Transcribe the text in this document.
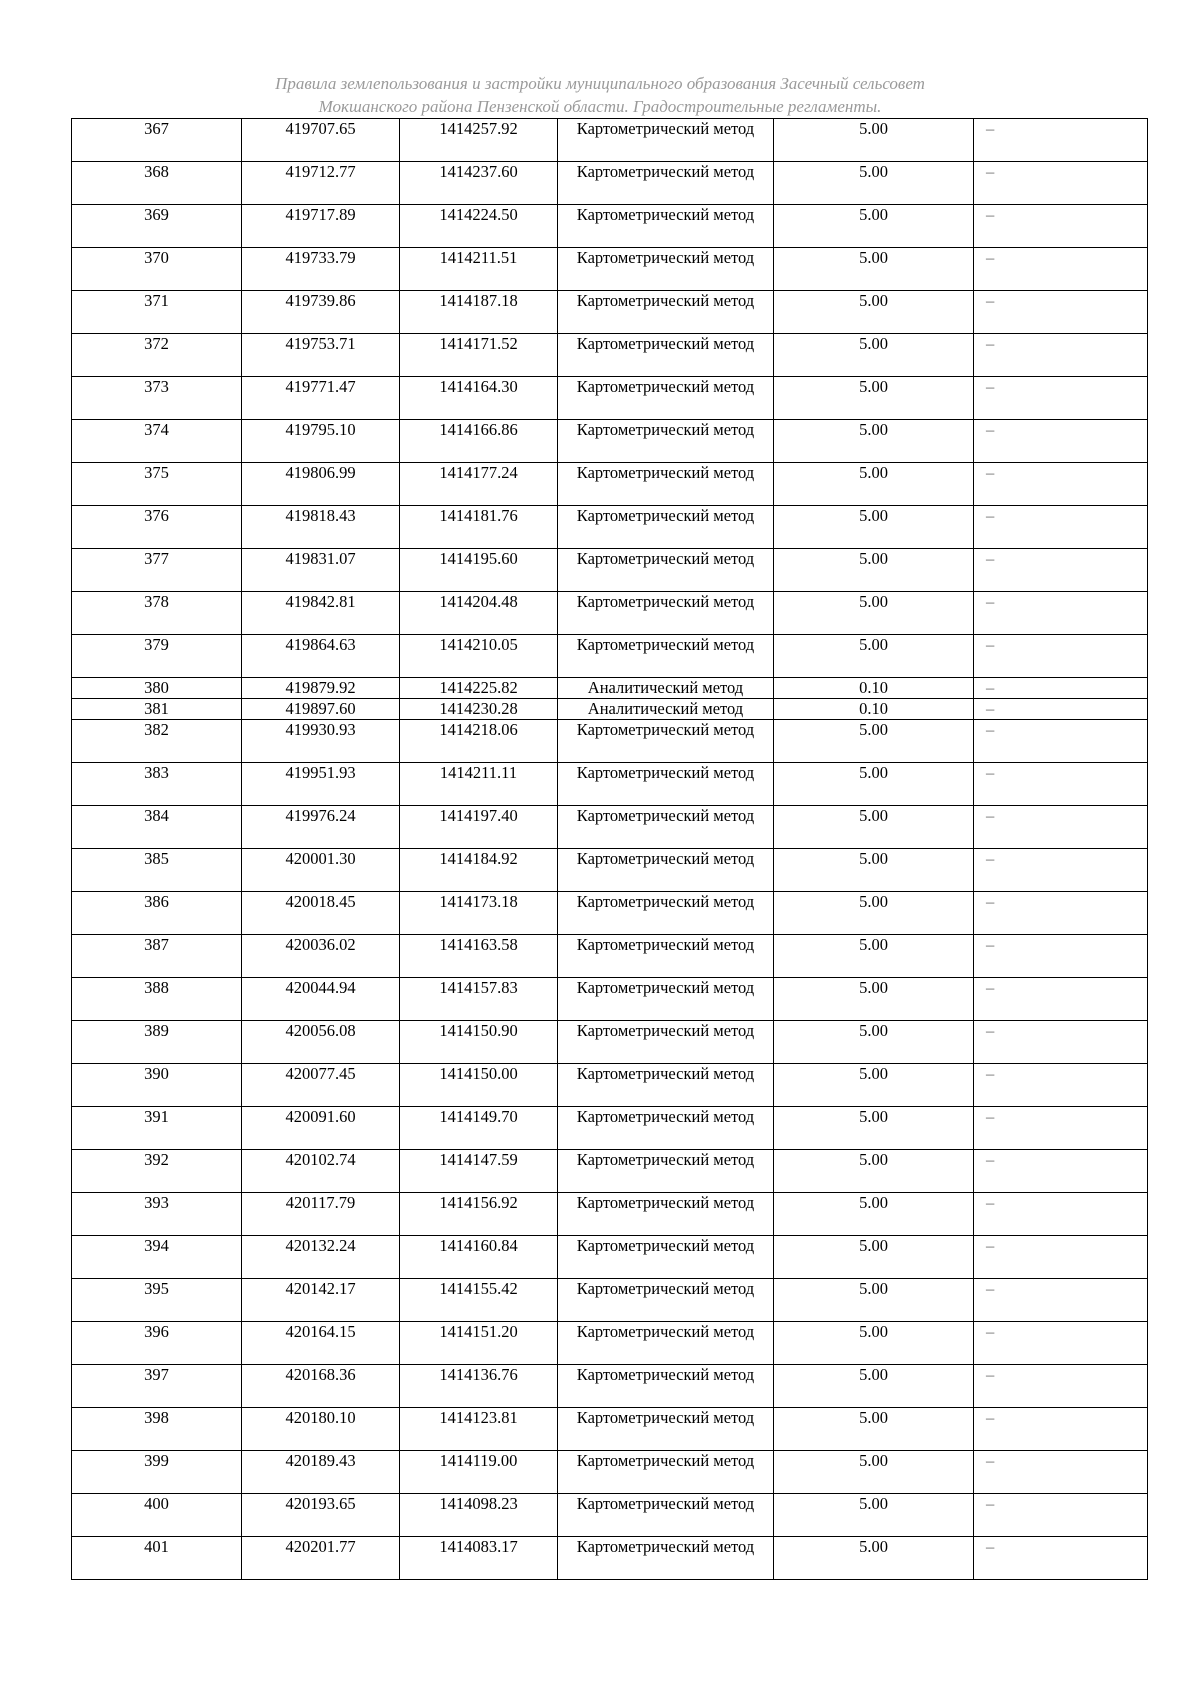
Правила землепользования и застройки муниципального образования Засечный сельсовет
Мокшанского района Пензенской области. Градостроительные регламенты.
367	419707.65	1414257.92	Картометрический метод	5.00	–
368	419712.77	1414237.60	Картометрический метод	5.00	–
369	419717.89	1414224.50	Картометрический метод	5.00	–
370	419733.79	1414211.51	Картометрический метод	5.00	–
371	419739.86	1414187.18	Картометрический метод	5.00	–
372	419753.71	1414171.52	Картометрический метод	5.00	–
373	419771.47	1414164.30	Картометрический метод	5.00	–
374	419795.10	1414166.86	Картометрический метод	5.00	–
375	419806.99	1414177.24	Картометрический метод	5.00	–
376	419818.43	1414181.76	Картометрический метод	5.00	–
377	419831.07	1414195.60	Картометрический метод	5.00	–
378	419842.81	1414204.48	Картометрический метод	5.00	–
379	419864.63	1414210.05	Картометрический метод	5.00	–
380	419879.92	1414225.82	Аналитический метод	0.10	–
381	419897.60	1414230.28	Аналитический метод	0.10	–
382	419930.93	1414218.06	Картометрический метод	5.00	–
383	419951.93	1414211.11	Картометрический метод	5.00	–
384	419976.24	1414197.40	Картометрический метод	5.00	–
385	420001.30	1414184.92	Картометрический метод	5.00	–
386	420018.45	1414173.18	Картометрический метод	5.00	–
387	420036.02	1414163.58	Картометрический метод	5.00	–
388	420044.94	1414157.83	Картометрический метод	5.00	–
389	420056.08	1414150.90	Картометрический метод	5.00	–
390	420077.45	1414150.00	Картометрический метод	5.00	–
391	420091.60	1414149.70	Картометрический метод	5.00	–
392	420102.74	1414147.59	Картометрический метод	5.00	–
393	420117.79	1414156.92	Картометрический метод	5.00	–
394	420132.24	1414160.84	Картометрический метод	5.00	–
395	420142.17	1414155.42	Картометрический метод	5.00	–
396	420164.15	1414151.20	Картометрический метод	5.00	–
397	420168.36	1414136.76	Картометрический метод	5.00	–
398	420180.10	1414123.81	Картометрический метод	5.00	–
399	420189.43	1414119.00	Картометрический метод	5.00	–
400	420193.65	1414098.23	Картометрический метод	5.00	–
401	420201.77	1414083.17	Картометрический метод	5.00	–
